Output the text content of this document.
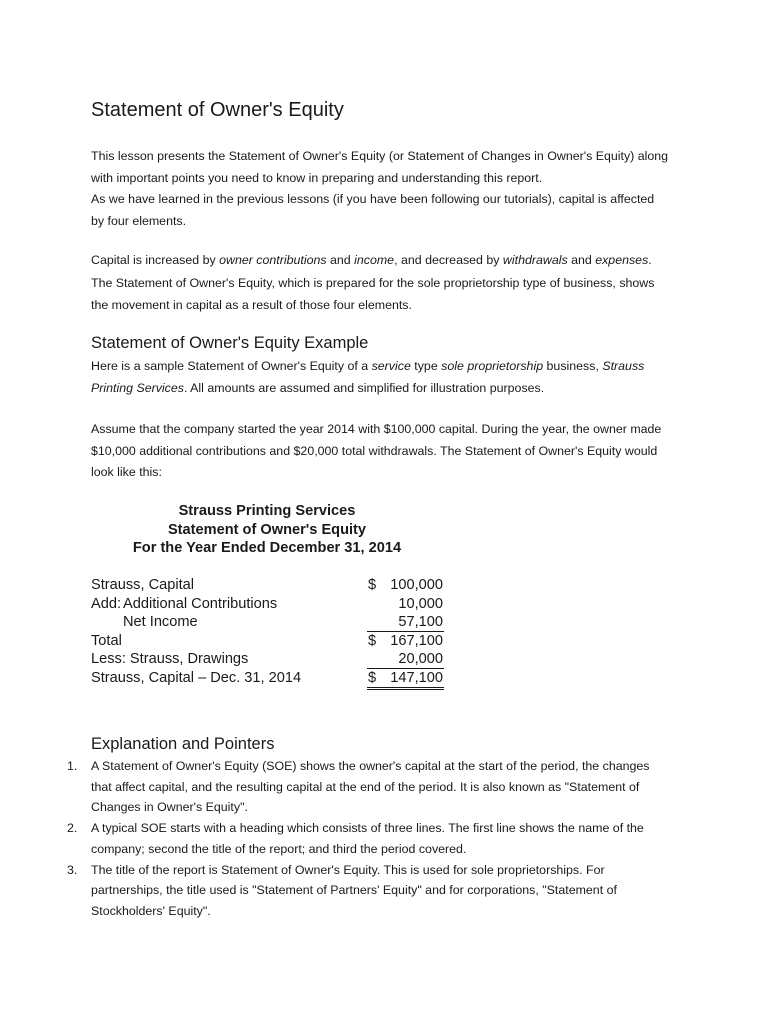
Statement of Owner's Equity

This lesson presents the Statement of Owner's Equity (or Statement of Changes in Owner's Equity) along
with important points you need to know in preparing and understanding this report.
As we have learned in the previous lessons (if you have been following our tutorials), capital is affected
by four elements.

Capital is increased by owner contributions and income, and decreased by withdrawals and expenses.
The Statement of Owner's Equity, which is prepared for the sole proprietorship type of business, shows
the movement in capital as a result of those four elements.

Statement of Owner's Equity Example

Here is a sample Statement of Owner's Equity of a service type sole proprietorship business, Strauss
Printing Services. All amounts are assumed and simplified for illustration purposes.

Assume that the company started the year 2014 with $100,000 capital. During the year, the owner made
$10,000 additional contributions and $20,000 total withdrawals. The Statement of Owner's Equity would
look like this:

Strauss Printing Services
Statement of Owner's Equity
For the Year Ended December 31, 2014
Strauss, Capital	$ 100,000
Add: Additional Contributions	10,000
Net Income	57,100
Total	$ 167,100
Less: Strauss, Drawings	20,000
Strauss, Capital – Dec. 31, 2014	$ 147,100
Explanation and Pointers
1. A Statement of Owner's Equity (SOE) shows the owner's capital at the start of the period, the changes
that affect capital, and the resulting capital at the end of the period. It is also known as "Statement of
Changes in Owner's Equity".
2. A typical SOE starts with a heading which consists of three lines. The first line shows the name of the
company; second the title of the report; and third the period covered.
3. The title of the report is Statement of Owner's Equity. This is used for sole proprietorships. For
partnerships, the title used is "Statement of Partners' Equity" and for corporations, "Statement of
Stockholders' Equity".
